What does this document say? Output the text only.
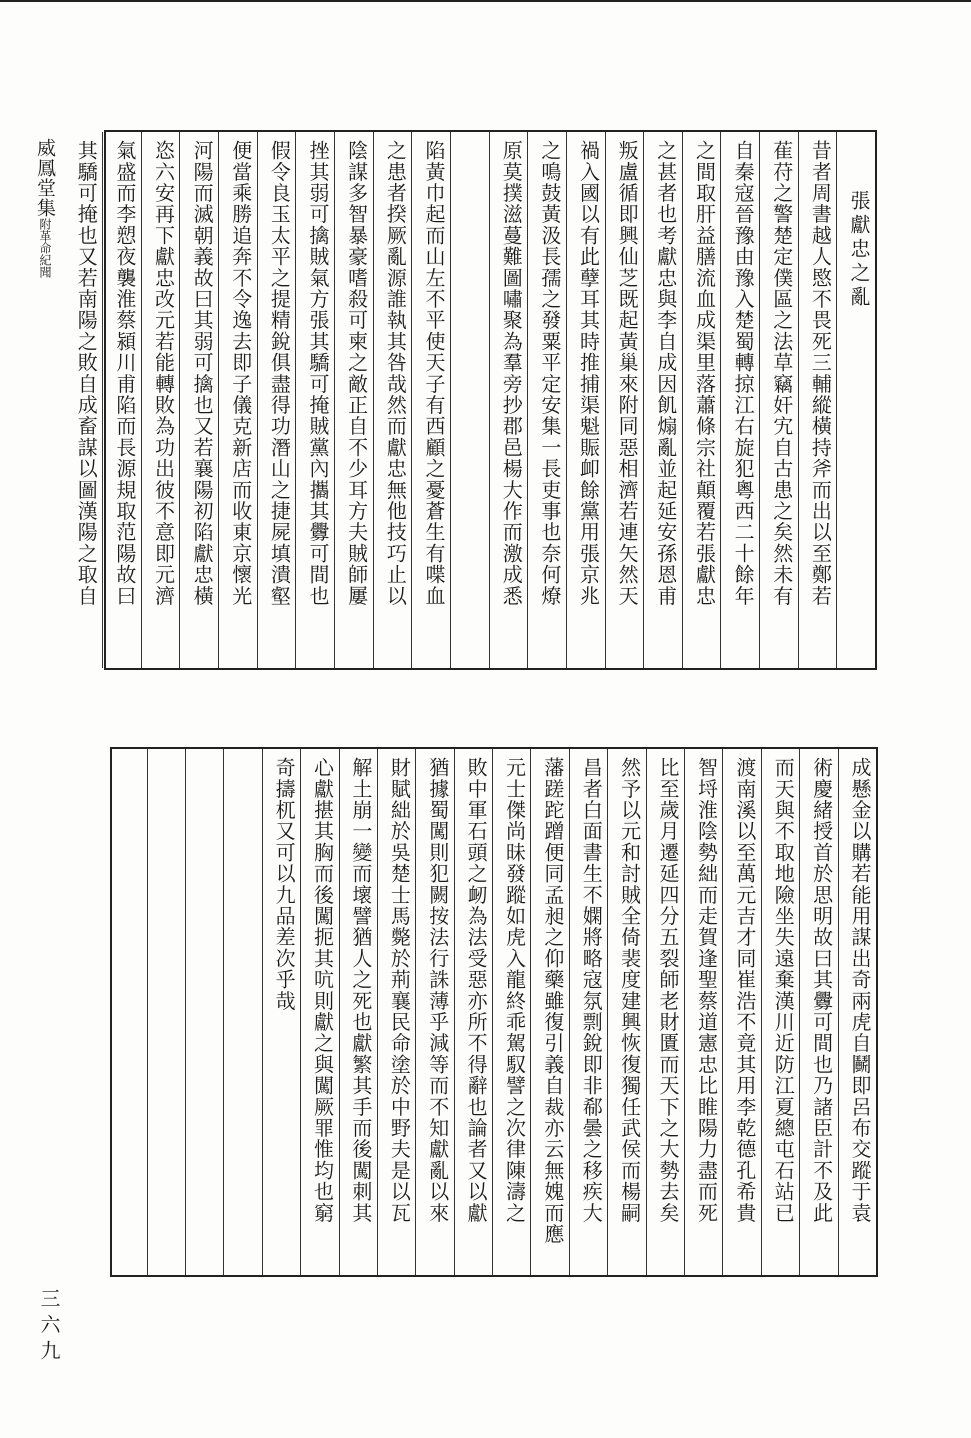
威鳳堂集附革命紀聞	張獻忠之亂
昔者周書越人愍不畏死三輔縱橫持斧而出以至鄭若
萑苻之警楚定僕區之法草竊奸宄自古患之矣然未有
自秦寇晉豫由豫入楚蜀轉掠江右旋犯粵西二十餘年
之間取肝益膳流血成渠里落蕭條宗社顛覆若張獻忠
之甚者也考獻忠與李自成因飢煽亂並起延安孫恩甫
叛盧循即興仙芝既起黃巢來附同惡相濟若連矢然天
禍入國以有此孽耳其時推捕渠魁賑卹餘黨用張京兆
之鳴鼓黃汲長孺之發粟平定安集一長吏事也奈何燎
原莫撲滋蔓難圖嘯聚為羣旁抄郡邑楊大作而激成悉
陷黃巾起而山左不平使天子有西顧之憂蒼生有喋血
之患者揆厥亂源誰執其咎哉然而獻忠無他技巧止以
陰謀多智暴豪嗜殺可柬之敵正自不少耳方夫賊師屢
挫其弱可擒賊氣方張其驕可掩賊黨內攜其釁可間也
假令良玉太平之提精銳俱盡得功潛山之捷屍填潰壑
便當乘勝追奔不令逸去即子儀克新店而收東京懷光
河陽而滅朝義故曰其弱可擒也又若襄陽初陷獻忠橫
恣六安再下獻忠改元若能轉敗為功出彼不意即元濟
氣盛而李愬夜襲淮蔡潁川甫陷而長源規取范陽故曰
其驕可掩也又若南陽之敗自成畜謀以圖漢陽之取自
成懸金以購若能用謀出奇兩虎自鬭即呂布交蹤于袁
術慶緒授首於思明故曰其釁可間也乃諸臣計不及此
而天與不取地險坐失遠棄漢川近防江夏總屯石站已
渡南溪以至萬元吉才同崔浩不竟其用李乾德孔希貴
智埒淮陰勢絀而走賀逢聖蔡道憲忠比睢陽力盡而死
比至歲月遷延四分五裂師老財匱而天下之大勢去矣
然予以元和討賊全倚裴度建興恢復獨任武侯而楊嗣
昌者白面書生不嫻將略寇氛剽銳即非郗曇之移疾大
藩蹉跎蹭便同孟昶之仰藥雖復引義自裁亦云無媿而應
元士傑尚昧發蹤如虎入龍終乖駕馭譬之次律陳濤之
敗中軍石頭之衂為法受惡亦所不得辭也論者又以獻
猶據蜀闖則犯闕按法行誅薄乎減等而不知獻亂以來
財賦絀於吳楚士馬斃於荊襄民命塗於中野夫是以瓦
解土崩一變而壞譬猶人之死也獻繁其手而後闖刺其
心獻揕其胸而後闖扼其吭則獻之與闖厥罪惟均也窮
奇擣杌又可以九品差次乎哉
三六九
